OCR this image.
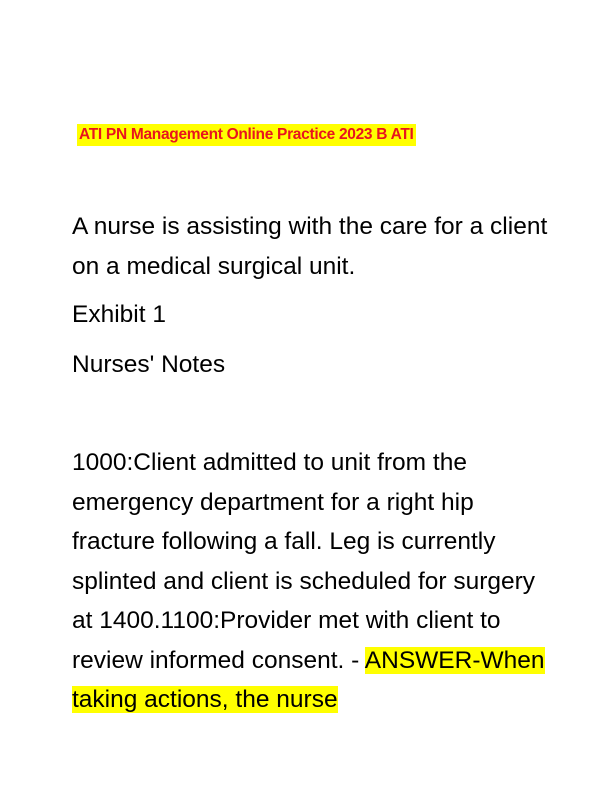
ATI PN Management Online Practice 2023 B ATI

A nurse is assisting with the care for a client on a medical surgical unit.

Exhibit 1

Nurses' Notes

1000:Client admitted to unit from the emergency department for a right hip fracture following a fall. Leg is currently splinted and client is scheduled for surgery at 1400.1100:Provider met with client to review informed consent. - ANSWER-When taking actions, the nurse
